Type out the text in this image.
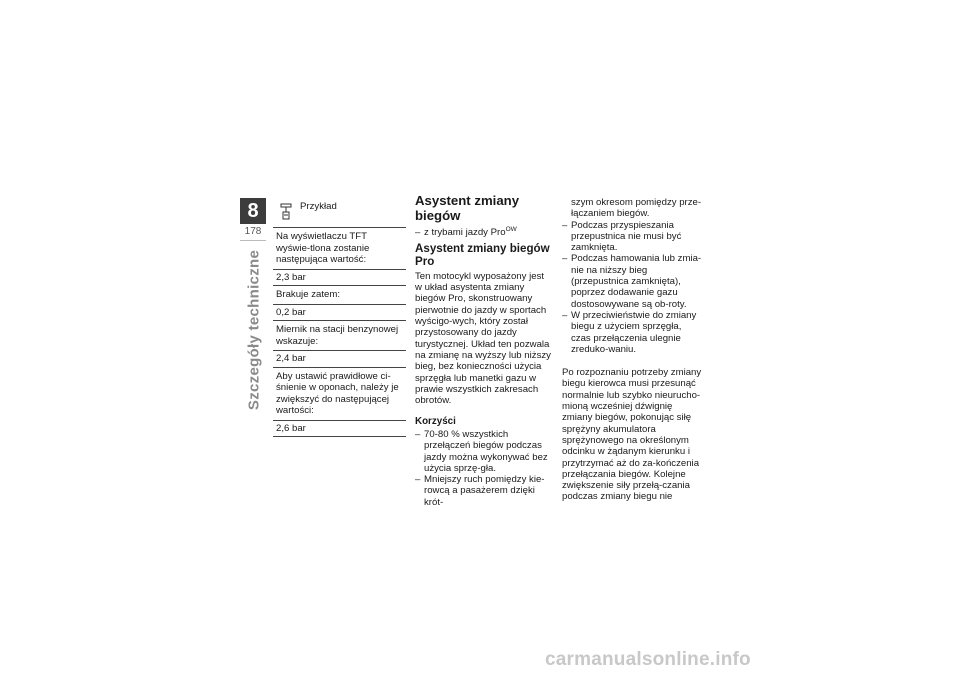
8
178
Szczegóły techniczne
Przykład
Na wyświetlaczu TFT wyświe-tlona zostanie następująca wartość:
2,3 bar
Brakuje zatem:
0,2 bar
Miernik na stacji benzynowej wskazuje:
2,4 bar
Aby ustawić prawidłowe ci-śnienie w oponach, należy je zwiększyć do następującej wartości:
2,6 bar
Asystent zmiany
biegów
– z trybami jazdy Pro$^{OW}$
Asystent zmiany biegów Pro

Ten motocykl wyposażony jest w układ asystenta zmiany biegów Pro, skonstruowany pierwotnie do jazdy w sportach wyścigo-wych, który został przystosowany do jazdy turystycznej. Układ ten pozwala na zmianę na wyższy lub niższy bieg, bez konieczności użycia sprzęgła lub manetki gazu w prawie wszystkich zakresach obrotów.

Korzyści
– 70-80 % wszystkich przełączeń biegów podczas jazdy można wykonywać bez użycia sprzę-gła.
– Mniejszy ruch pomiędzy kie-rowcą a pasażerem dzięki krót-

szym okresom pomiędzy prze-łączaniem biegów.

– Podczas przyspieszania przepustnica nie musi być zamknięta.
– Podczas hamowania lub zmia-nie na niższy bieg (przepustnica zamknięta), poprzez dodawanie gazu dostosowywane są ob-roty.
– W przeciwieństwie do zmiany biegu z użyciem sprzęgła, czas przełączenia ulegnie zreduko-waniu.

Po rozpoznaniu potrzeby zmiany biegu kierowca musi przesunąć normalnie lub szybko nieurucho-mioną wcześniej dźwignię zmiany biegów, pokonując siłę sprężyny akumulatora sprężynowego na określonym odcinku w żądanym kierunku i przytrzymać aż do za-kończenia przełączania biegów. Kolejne zwiększenie siły przełą-czania podczas zmiany biegu nie

carmanualsonline.info
